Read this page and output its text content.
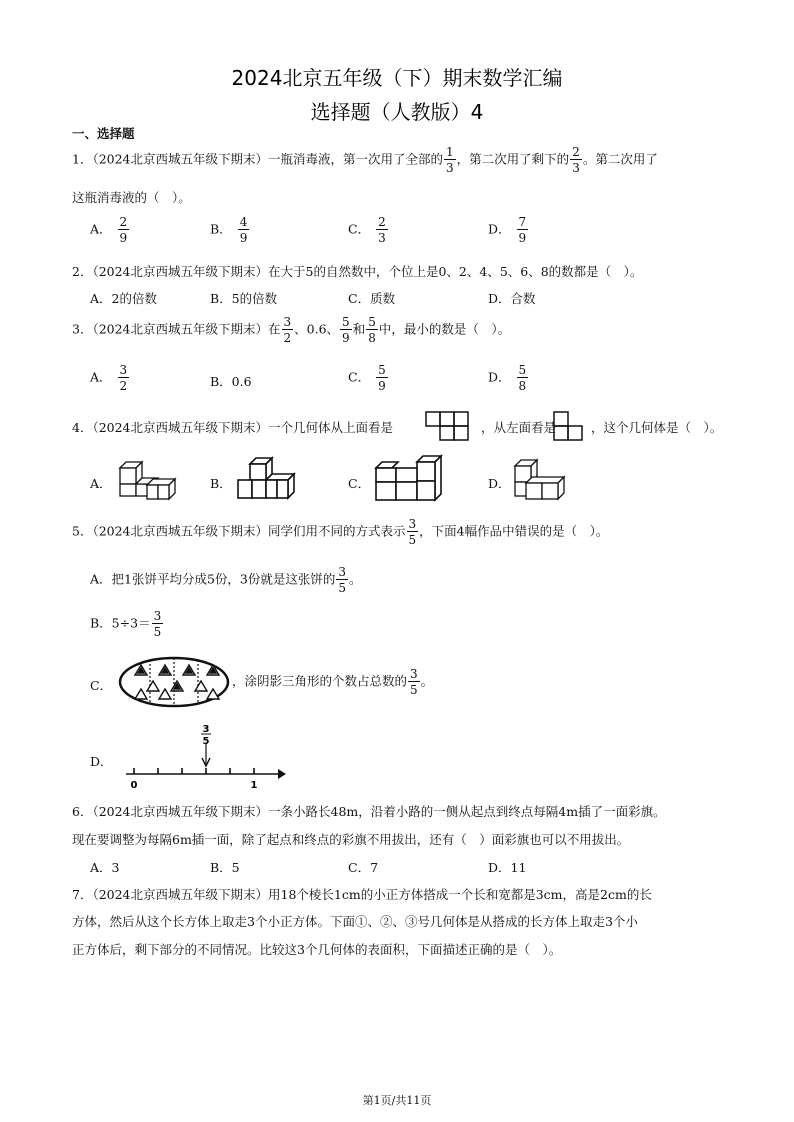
2024北京五年级（下）期末数学汇编
选择题（人教版）4
一、选择题
1．（2024北京西城五年级下期末）一瓶消毒液，第一次用了全部的 $\frac{1}{3}$ ，第二次用了剩下的 $\frac{2}{3}$ 。第二次用了
这瓶消毒液的（　）。
A． $\frac{2}{9}$	B． $\frac{4}{9}$	C． $\frac{2}{3}$	D． $\frac{7}{9}$
2．（2024北京西城五年级下期末）在大于5的自然数中，个位上是0、2、4、5、6、8的数都是（　）。
A．2的倍数	B．5的倍数	C．质数	D．合数
3．（2024北京西城五年级下期末）在 $\frac{3}{2}$ 、0.6、 $\frac{5}{9}$ 和 $\frac{5}{8}$ 中，最小的数是（　）。
A． $\frac{3}{2}$	B．0.6	C． $\frac{5}{9}$	D． $\frac{5}{8}$
4．（2024北京西城五年级下期末）一个几何体从上面看是	，从左面看是	，这个几何体是（　）。
A．	B．	C．	D．
5．（2024北京西城五年级下期末）同学们用不同的方式表示 $\frac{3}{5}$ ，下面4幅作品中错误的是（　）。
A．把1张饼平均分成5份，3份就是这张饼的 $\frac{3}{5}$ 。
B．$5\div 3= \frac{3}{5}$
C．	，涂阴影三角形的个数占总数的 $\frac{3}{5}$ 。
D．
3
5
0	1
6．（2024北京西城五年级下期末）一条小路长48m，沿着小路的一侧从起点到终点每隔4m插了一面彩旗。
现在要调整为每隔6m插一面，除了起点和终点的彩旗不用拔出，还有（　）面彩旗也可以不用拔出。
A．3	B．5	C．7	D．11
7．（2024北京西城五年级下期末）用18个棱长1cm的小正方体搭成一个长和宽都是3cm，高是2cm的长
方体，然后从这个长方体上取走3个小正方体。下面①、②、③号几何体是从搭成的长方体上取走3个小
正方体后，剩下部分的不同情况。比较这3个几何体的表面积，下面描述正确的是（　）。
第1页/共11页
